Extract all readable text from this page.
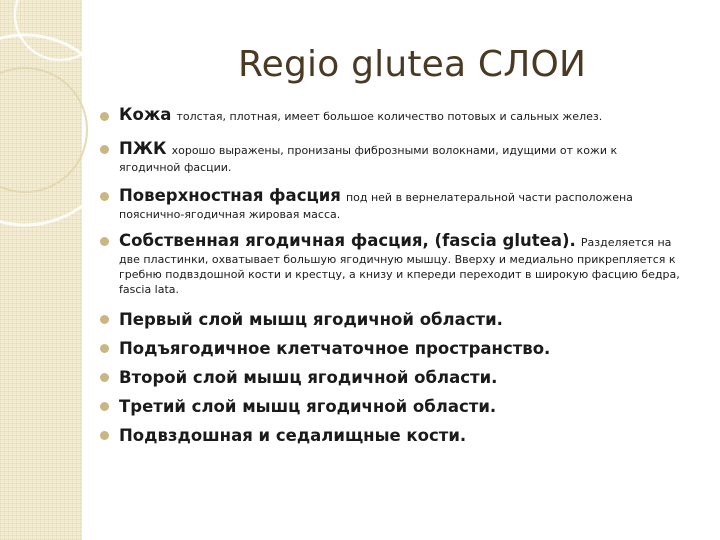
Regio glutea СЛОИ
Кожа толстая, плотная, имеет большое количество потовых и сальных желез.
ПЖК хорошо выражены, пронизаны фиброзными волокнами, идущими от кожи к
ягодичной фасции.
Поверхностная фасция под ней в вернелатеральной части расположена
пояснично-ягодичная жировая масса.
Собственная ягодичная фасция, (fascia glutea). Разделяется на
две пластинки, охватывает большую ягодичную мышцу. Вверху и медиально прикрепляется к гребню подвздошной кости и крестцу, а книзу и кпереди переходит в широкую фасцию бедра, fascia lata.
Первый слой мышц ягодичной области.
Подъягодичное клетчаточное пространство.
Второй слой мышц ягодичной области.
Третий слой мышц ягодичной области.
Подвздошная и седалищные кости.
